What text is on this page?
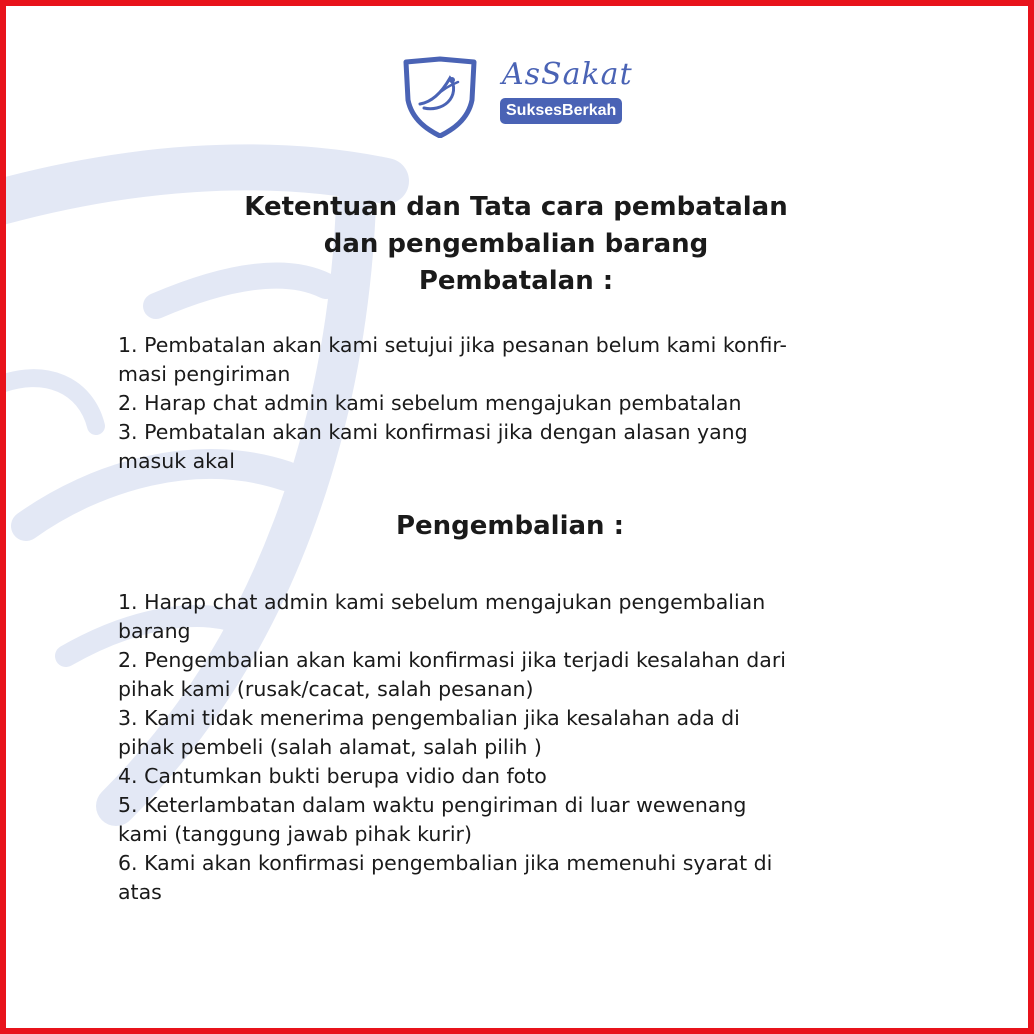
AsSakat
SuksesBerkah
Ketentuan dan Tata cara pembatalan
dan pengembalian barang
Pembatalan :
1. Pembatalan akan kami setujui jika pesanan belum kami konfir-
masi pengiriman
2. Harap chat admin kami sebelum mengajukan pembatalan
3. Pembatalan akan kami konfirmasi jika dengan alasan yang
masuk akal
Pengembalian :
1. Harap chat admin kami sebelum mengajukan pengembalian
barang
2. Pengembalian akan kami konfirmasi jika terjadi kesalahan dari
pihak kami (rusak/cacat, salah pesanan)
3. Kami tidak menerima pengembalian jika kesalahan ada di
pihak pembeli (salah alamat, salah pilih )
4. Cantumkan bukti berupa vidio dan foto
5. Keterlambatan dalam waktu pengiriman di luar wewenang
kami (tanggung jawab pihak kurir)
6. Kami akan konfirmasi pengembalian jika memenuhi syarat di
atas
